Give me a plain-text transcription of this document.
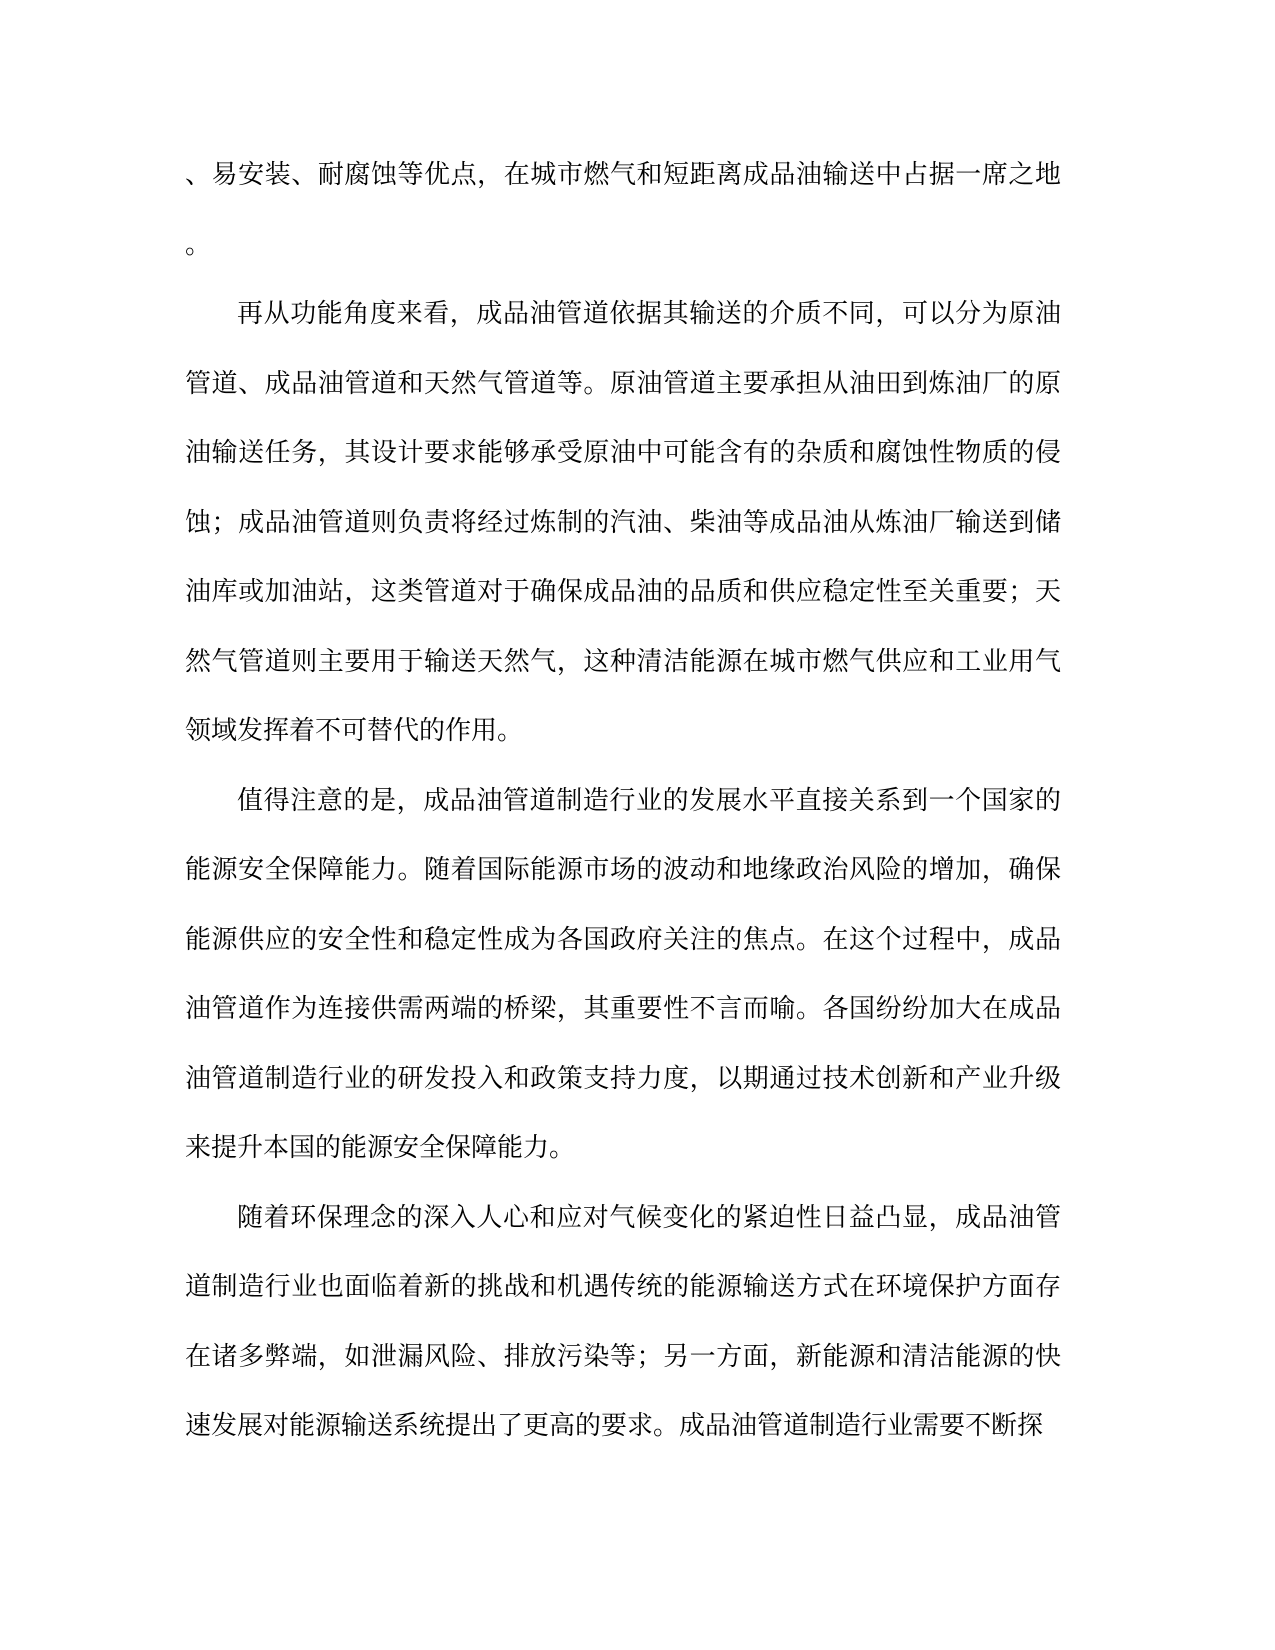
、易安装、耐腐蚀等优点，在城市燃气和短距离成品油输送中占据一席之地
。

再从功能角度来看，成品油管道依据其输送的介质不同，可以分为原油
管道、成品油管道和天然气管道等。原油管道主要承担从油田到炼油厂的原
油输送任务，其设计要求能够承受原油中可能含有的杂质和腐蚀性物质的侵
蚀；成品油管道则负责将经过炼制的汽油、柴油等成品油从炼油厂输送到储
油库或加油站，这类管道对于确保成品油的品质和供应稳定性至关重要；天
然气管道则主要用于输送天然气，这种清洁能源在城市燃气供应和工业用气
领域发挥着不可替代的作用。

值得注意的是，成品油管道制造行业的发展水平直接关系到一个国家的
能源安全保障能力。随着国际能源市场的波动和地缘政治风险的增加，确保
能源供应的安全性和稳定性成为各国政府关注的焦点。在这个过程中，成品
油管道作为连接供需两端的桥梁，其重要性不言而喻。各国纷纷加大在成品
油管道制造行业的研发投入和政策支持力度，以期通过技术创新和产业升级
来提升本国的能源安全保障能力。

随着环保理念的深入人心和应对气候变化的紧迫性日益凸显，成品油管
道制造行业也面临着新的挑战和机遇传统的能源输送方式在环境保护方面存
在诸多弊端，如泄漏风险、排放污染等；另一方面，新能源和清洁能源的快
速发展对能源输送系统提出了更高的要求。成品油管道制造行业需要不断探
